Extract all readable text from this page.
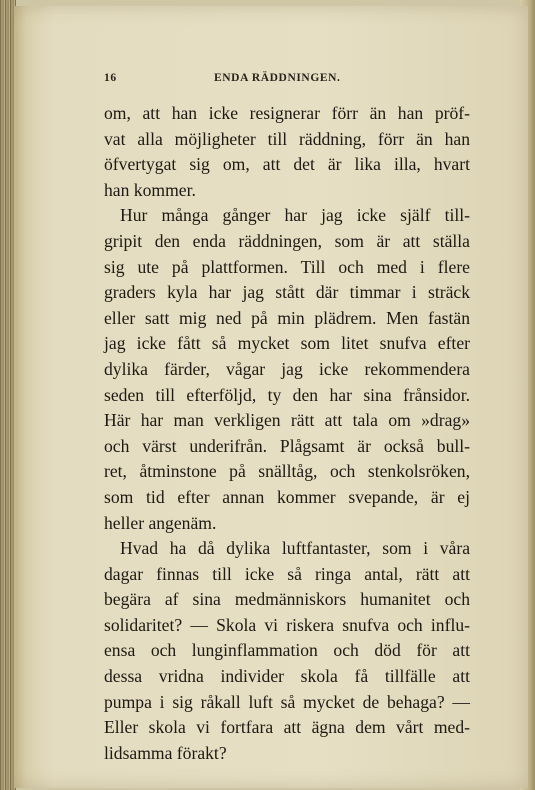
16	ENDA RÄDDNINGEN.
om, att han icke resignerar förr än han pröf-
vat alla möjligheter till räddning, förr än han
öfvertygat sig om, att det är lika illa, hvart
han kommer.
Hur många gånger har jag icke själf till-
gripit den enda räddningen, som är att ställa
sig ute på plattformen. Till och med i flere
graders kyla har jag stått där timmar i sträck
eller satt mig ned på min plädrem. Men fastän
jag icke fått så mycket som litet snufva efter
dylika färder, vågar jag icke rekommendera
seden till efterföljd, ty den har sina frånsidor.
Här har man verkligen rätt att tala om »drag»
och värst underifrån. Plågsamt är också bull-
ret, åtminstone på snälltåg, och stenkolsröken,
som tid efter annan kommer svepande, är ej
heller angenäm.
Hvad ha då dylika luftfantaster, som i våra
dagar finnas till icke så ringa antal, rätt att
begära af sina medmänniskors humanitet och
solidaritet? — Skola vi riskera snufva och influ-
ensa och lunginflammation och död för att
dessa vridna individer skola få tillfälle att
pumpa i sig råkall luft så mycket de behaga? —
Eller skola vi fortfara att ägna dem vårt med-
lidsamma förakt?
